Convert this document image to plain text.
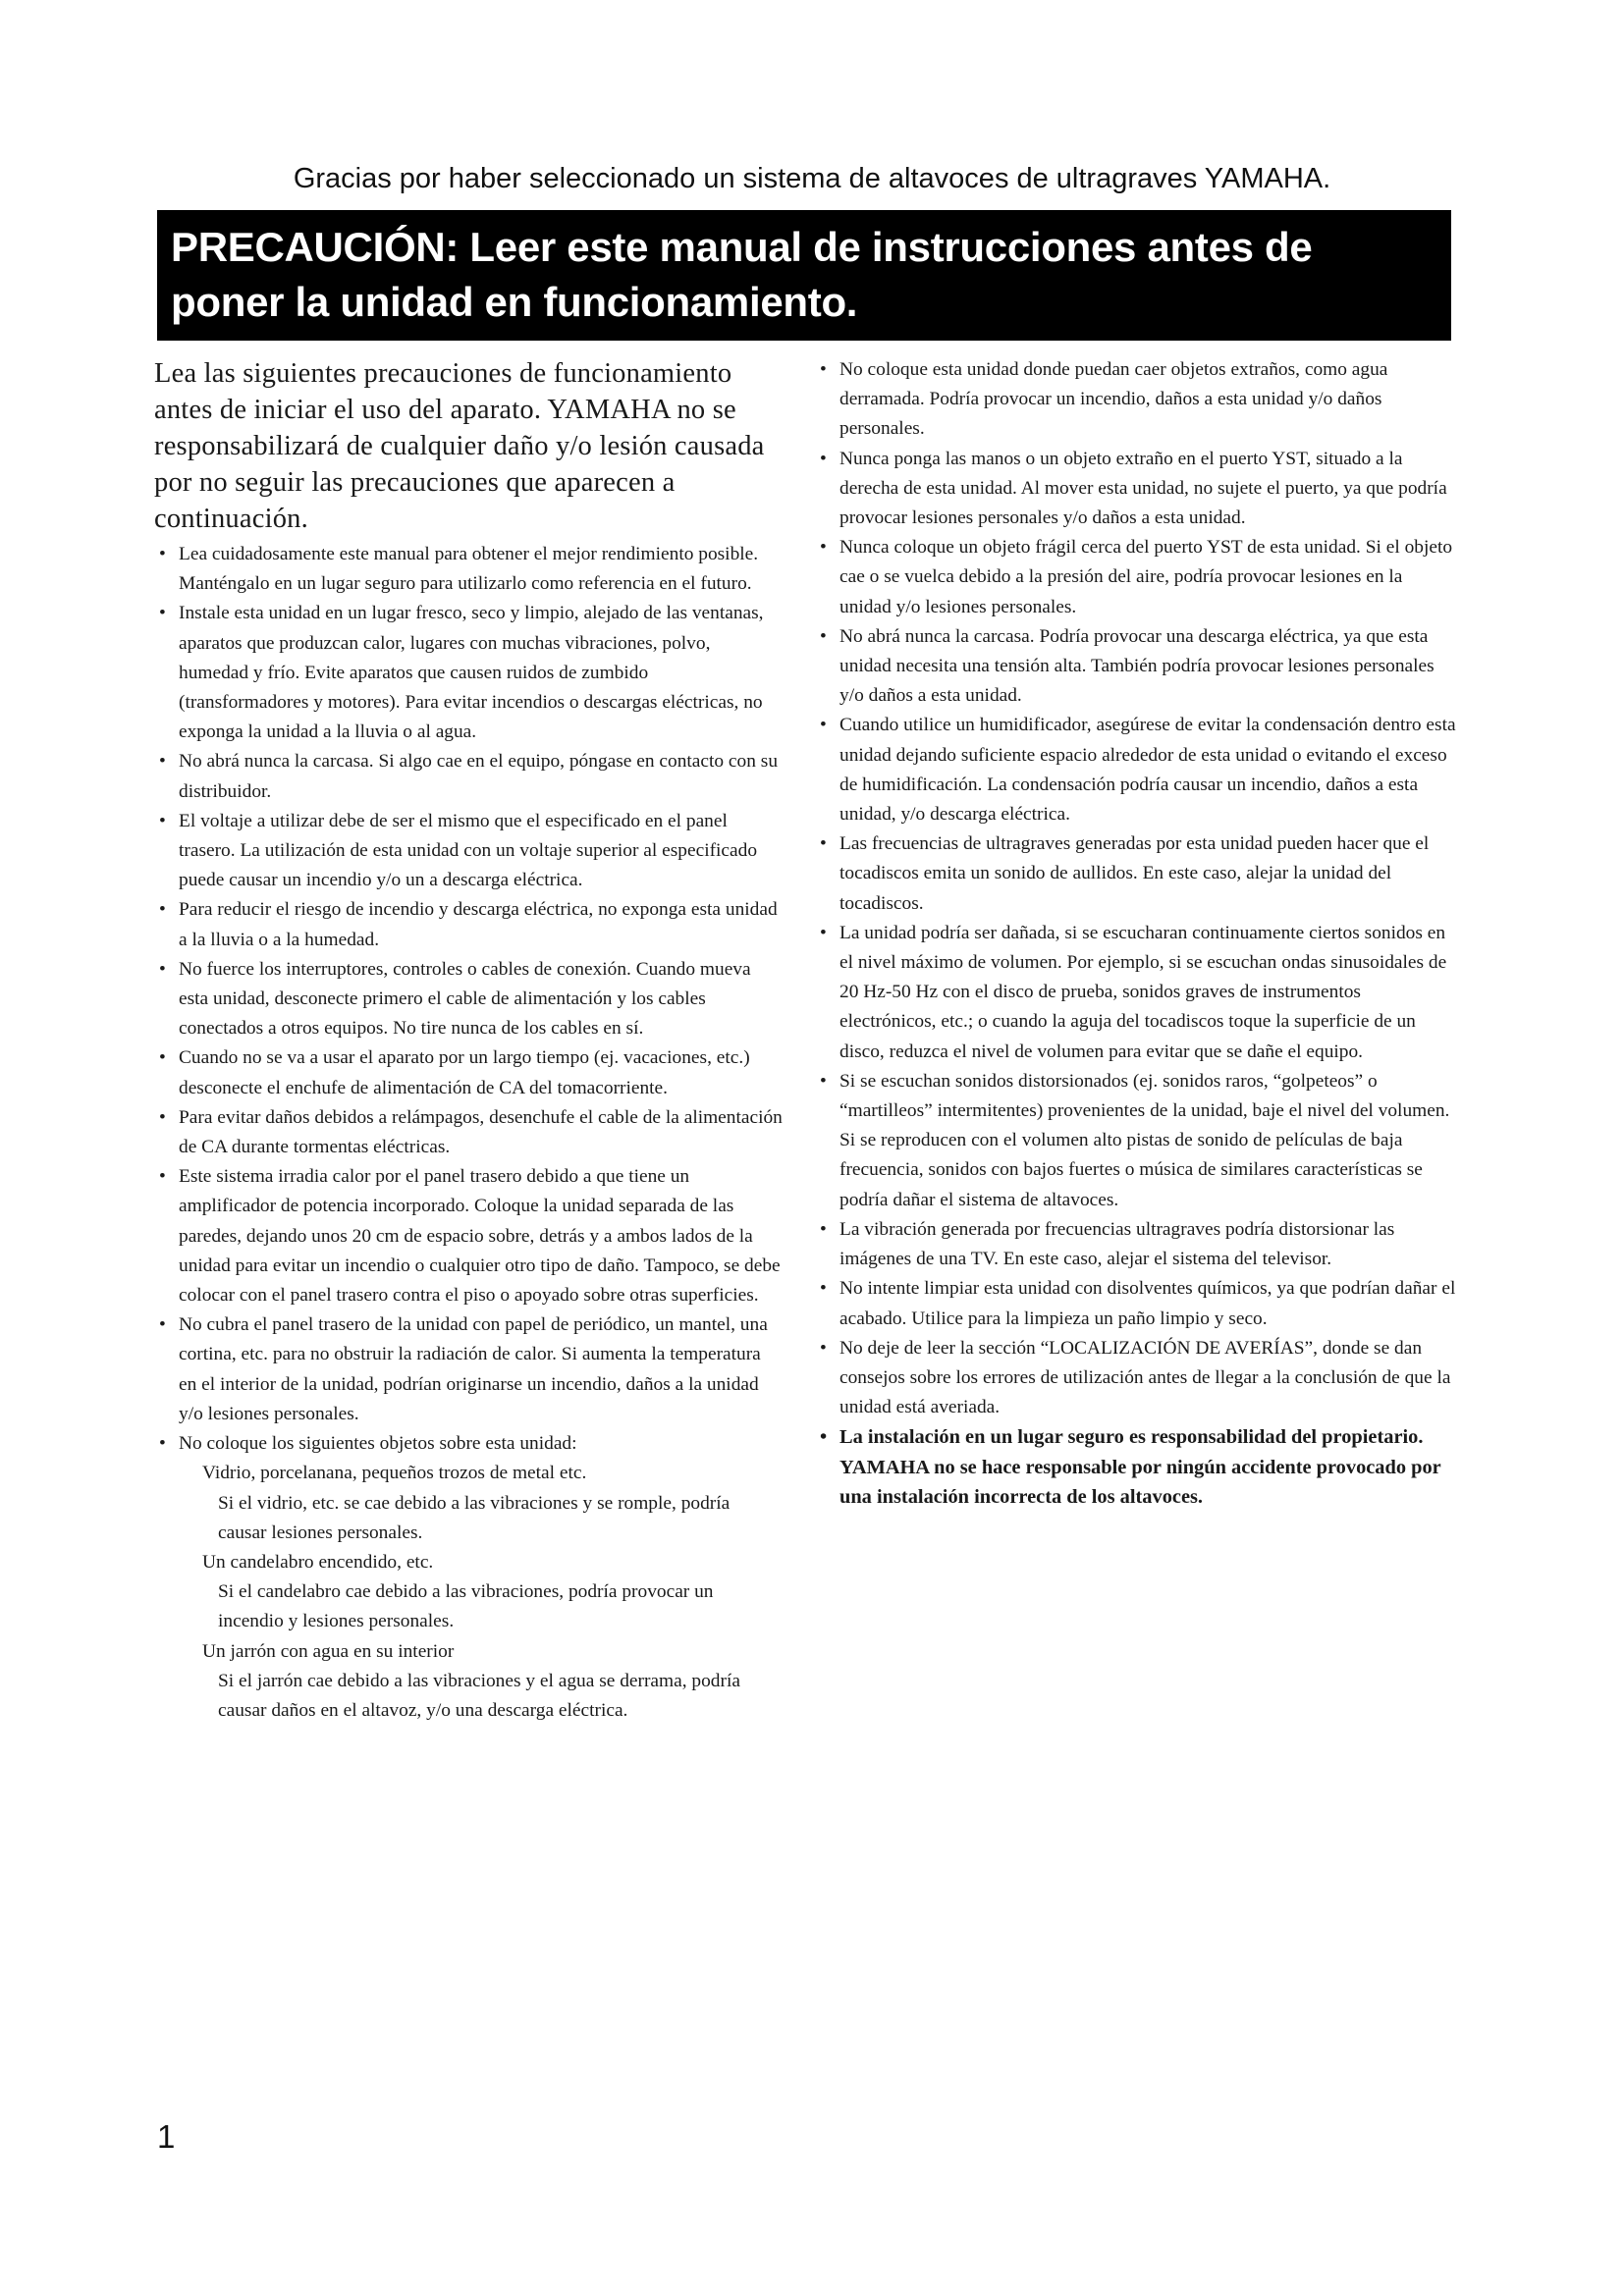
Gracias por haber seleccionado un sistema de altavoces de ultragraves YAMAHA.
PRECAUCIÓN: Leer este manual de instrucciones antes de poner la unidad en funcionamiento.

Lea las siguientes precauciones de funcionamiento antes de iniciar el uso del aparato. YAMAHA no se responsabilizará de cualquier daño y/o lesión causada por no seguir las precauciones que aparecen a continuación.

• Lea cuidadosamente este manual para obtener el mejor rendimiento posible. Manténgalo en un lugar seguro para utilizarlo como referencia en el futuro.
• Instale esta unidad en un lugar fresco, seco y limpio, alejado de las ventanas, aparatos que produzcan calor, lugares con muchas vibraciones, polvo, humedad y frío. Evite aparatos que causen ruidos de zumbido (transformadores y motores). Para evitar incendios o descargas eléctricas, no exponga la unidad a la lluvia o al agua.
• No abrá nunca la carcasa. Si algo cae en el equipo, póngase en contacto con su distribuidor.
• El voltaje a utilizar debe de ser el mismo que el especificado en el panel trasero. La utilización de esta unidad con un voltaje superior al especificado puede causar un incendio y/o un a descarga eléctrica.
• Para reducir el riesgo de incendio y descarga eléctrica, no exponga esta unidad a la lluvia o a la humedad.
• No fuerce los interruptores, controles o cables de conexión. Cuando mueva esta unidad, desconecte primero el cable de alimentación y los cables conectados a otros equipos. No tire nunca de los cables en sí.
• Cuando no se va a usar el aparato por un largo tiempo (ej. vacaciones, etc.) desconecte el enchufe de alimentación de CA del tomacorriente.
• Para evitar daños debidos a relámpagos, desenchufe el cable de la alimentación de CA durante tormentas eléctricas.
• Este sistema irradia calor por el panel trasero debido a que tiene un amplificador de potencia incorporado. Coloque la unidad separada de las paredes, dejando unos 20 cm de espacio sobre, detrás y a ambos lados de la unidad para evitar un incendio o cualquier otro tipo de daño. Tampoco, se debe colocar con el panel trasero contra el piso o apoyado sobre otras superficies.
• No cubra el panel trasero de la unidad con papel de periódico, un mantel, una cortina, etc. para no obstruir la radiación de calor. Si aumenta la temperatura en el interior de la unidad, podrían originarse un incendio, daños a la unidad y/o lesiones personales.
• No coloque los siguientes objetos sobre esta unidad:
Vidrio, porcelanana, pequeños trozos de metal etc.
Si el vidrio, etc. se cae debido a las vibraciones y se romple, podría causar lesiones personales.
Un candelabro encendido, etc.
Si el candelabro cae debido a las vibraciones, podría provocar un incendio y lesiones personales.
Un jarrón con agua en su interior
Si el jarrón cae debido a las vibraciones y el agua se derrama, podría causar daños en el altavoz, y/o una descarga eléctrica.
• No coloque esta unidad donde puedan caer objetos extraños, como agua derramada. Podría provocar un incendio, daños a esta unidad y/o daños personales.
• Nunca ponga las manos o un objeto extraño en el puerto YST, situado a la derecha de esta unidad. Al mover esta unidad, no sujete el puerto, ya que podría provocar lesiones personales y/o daños a esta unidad.
• Nunca coloque un objeto frágil cerca del puerto YST de esta unidad. Si el objeto cae o se vuelca debido a la presión del aire, podría provocar lesiones en la unidad y/o lesiones personales.
• No abrá nunca la carcasa. Podría provocar una descarga eléctrica, ya que esta unidad necesita una tensión alta. También podría provocar lesiones personales y/o daños a esta unidad.
• Cuando utilice un humidificador, asegúrese de evitar la condensación dentro esta unidad dejando suficiente espacio alrededor de esta unidad o evitando el exceso de humidificación. La condensación podría causar un incendio, daños a esta unidad, y/o descarga eléctrica.
• Las frecuencias de ultragraves generadas por esta unidad pueden hacer que el tocadiscos emita un sonido de aullidos. En este caso, alejar la unidad del tocadiscos.
• La unidad podría ser dañada, si se escucharan continuamente ciertos sonidos en el nivel máximo de volumen. Por ejemplo, si se escuchan ondas sinusoidales de 20 Hz-50 Hz con el disco de prueba, sonidos graves de instrumentos electrónicos, etc.; o cuando la aguja del tocadiscos toque la superficie de un disco, reduzca el nivel de volumen para evitar que se dañe el equipo.
• Si se escuchan sonidos distorsionados (ej. sonidos raros, “golpeteos” o “martilleos” intermitentes) provenientes de la unidad, baje el nivel del volumen. Si se reproducen con el volumen alto pistas de sonido de películas de baja frecuencia, sonidos con bajos fuertes o música de similares características se podría dañar el sistema de altavoces.
• La vibración generada por frecuencias ultragraves podría distorsionar las imágenes de una TV. En este caso, alejar el sistema del televisor.
• No intente limpiar esta unidad con disolventes químicos, ya que podrían dañar el acabado. Utilice para la limpieza un paño limpio y seco.
• No deje de leer la sección “LOCALIZACIÓN DE AVERÍAS”, donde se dan consejos sobre los errores de utilización antes de llegar a la conclusión de que la unidad está averiada.
• La instalación en un lugar seguro es responsabilidad del propietario. YAMAHA no se hace responsable por ningún accidente provocado por una instalación incorrecta de los altavoces.
1
